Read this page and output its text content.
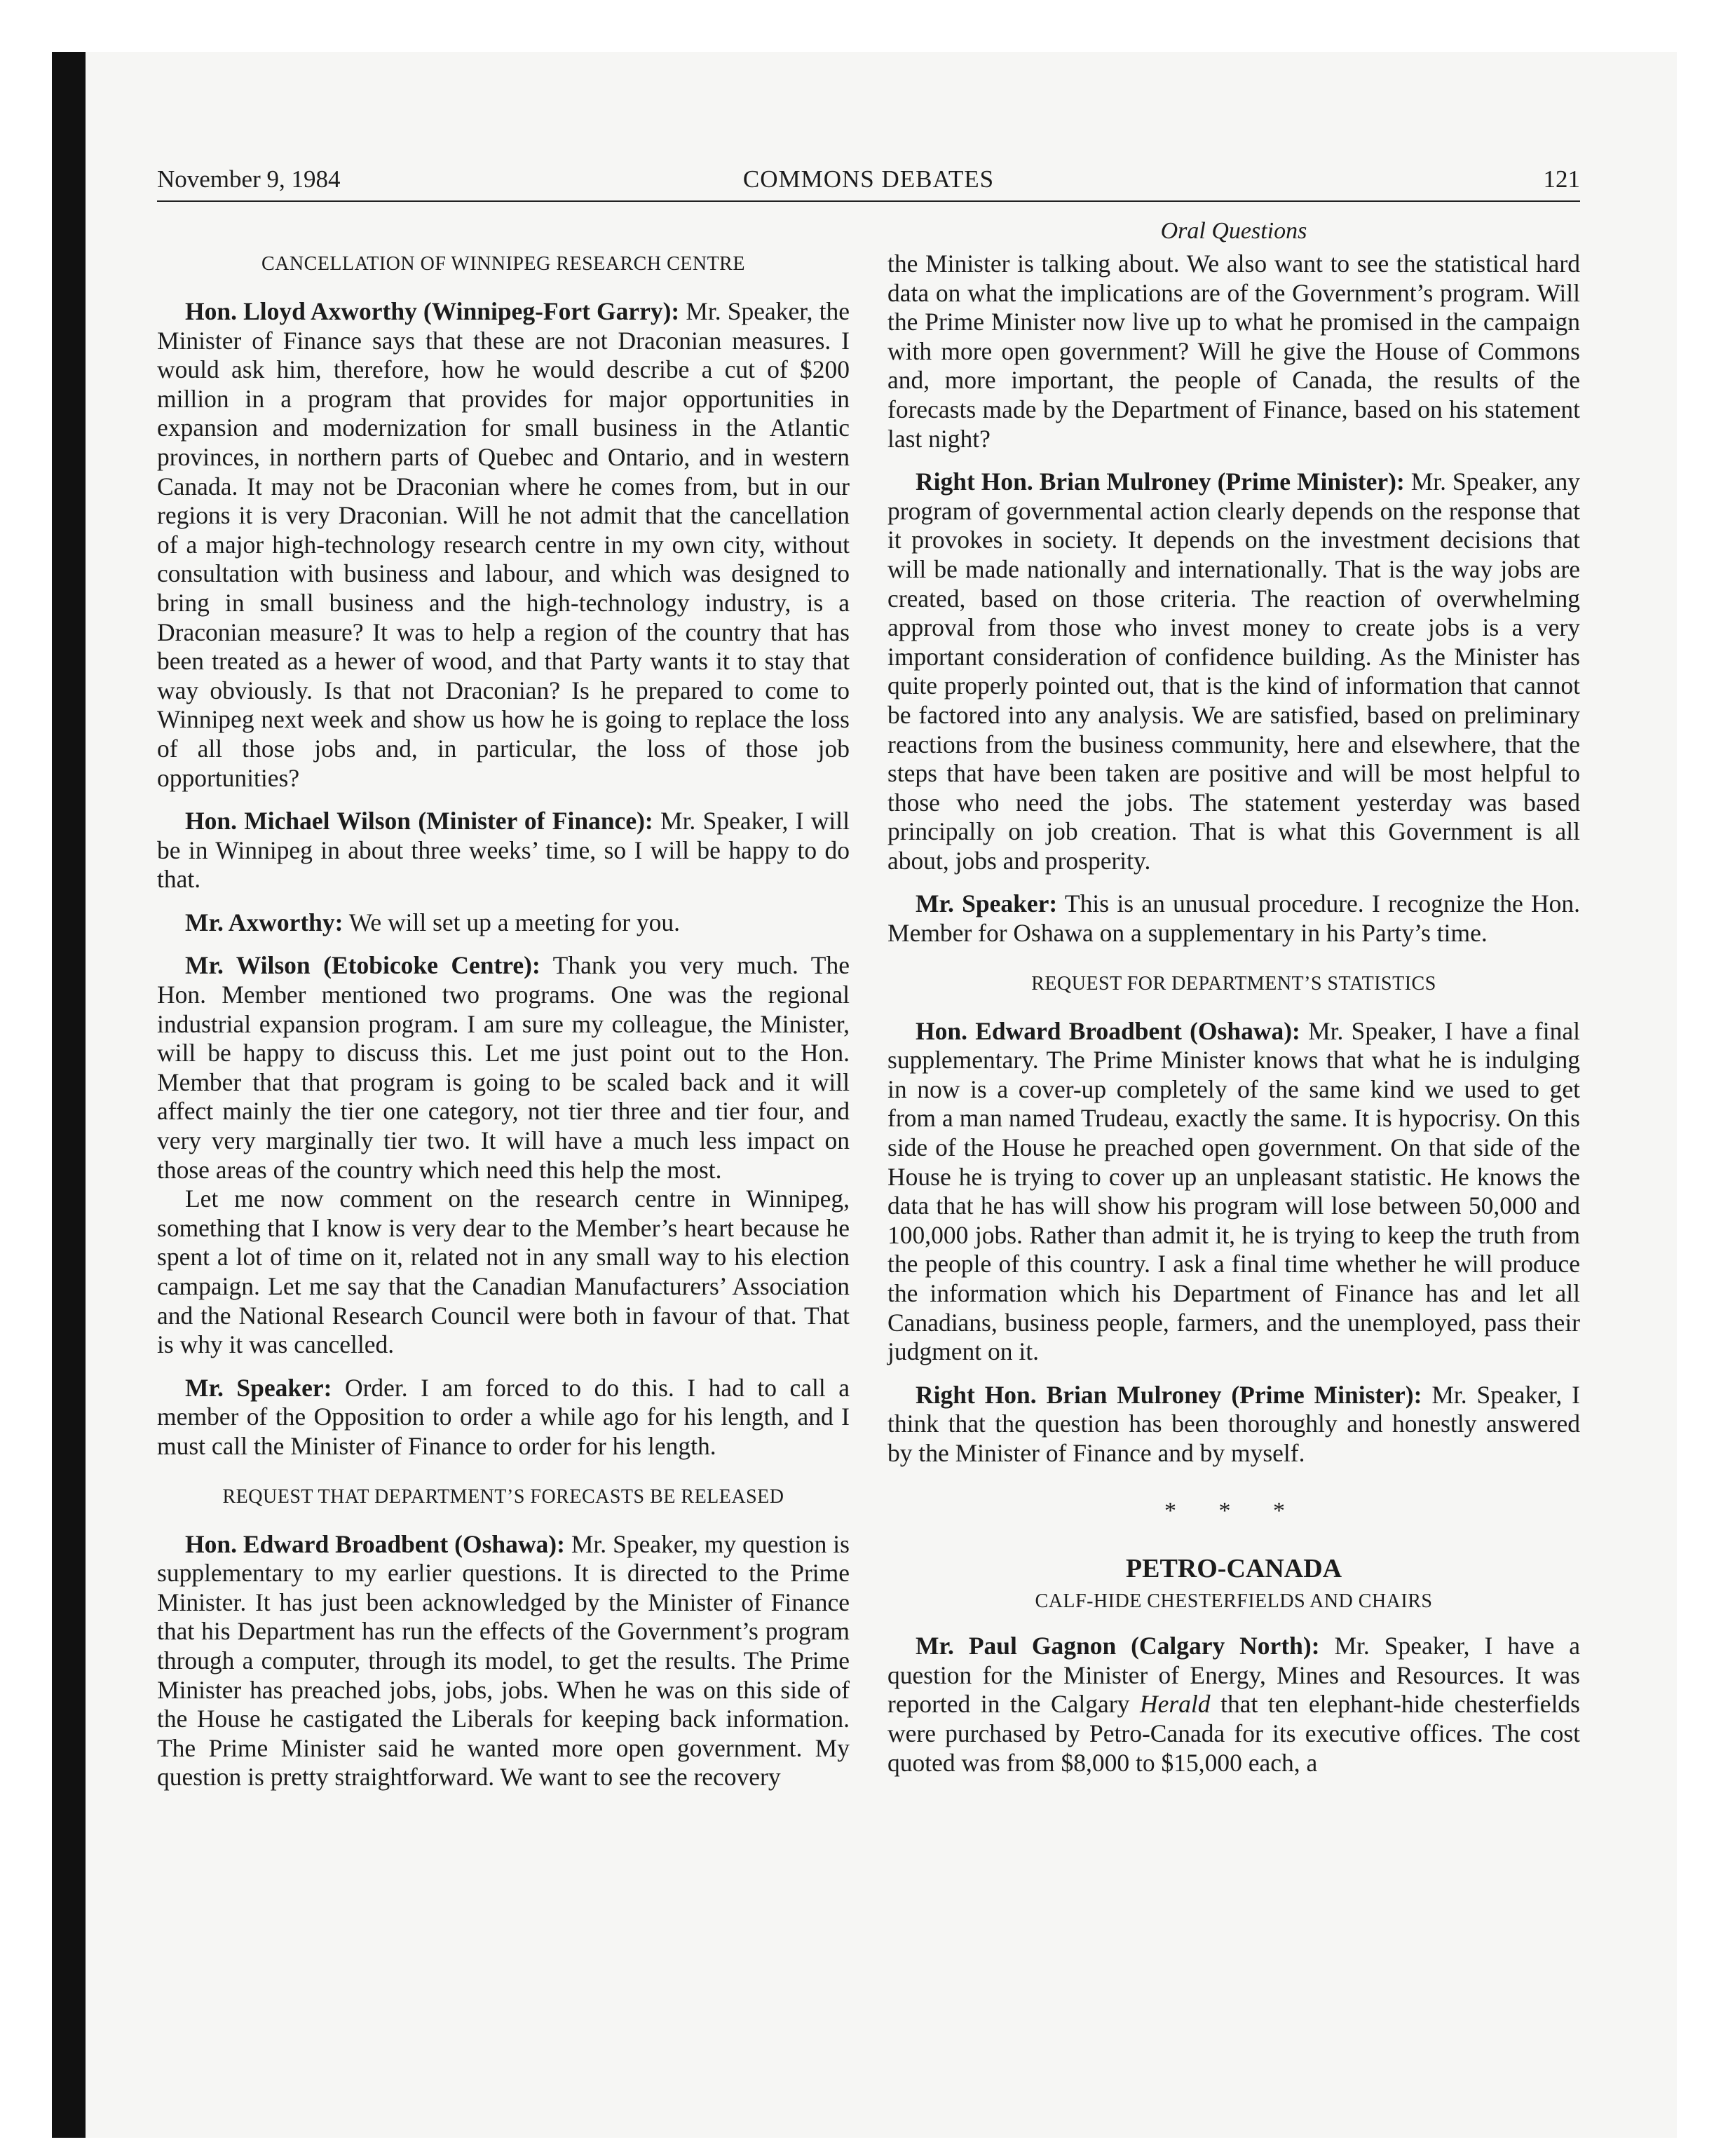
November 9, 1984	COMMONS DEBATES	121
CANCELLATION OF WINNIPEG RESEARCH CENTRE

Hon. Lloyd Axworthy (Winnipeg-Fort Garry): Mr. Speaker, the Minister of Finance says that these are not Draconian measures. I would ask him, therefore, how he would describe a cut of $200 million in a program that provides for major opportunities in expansion and modernization for small business in the Atlantic provinces, in northern parts of Quebec and Ontario, and in western Canada. It may not be Draconian where he comes from, but in our regions it is very Draconian. Will he not admit that the cancellation of a major high-technology research centre in my own city, without consultation with business and labour, and which was designed to bring in small business and the high-technology industry, is a Draconian measure? It was to help a region of the country that has been treated as a hewer of wood, and that Party wants it to stay that way obviously. Is that not Draconian? Is he prepared to come to Winnipeg next week and show us how he is going to replace the loss of all those jobs and, in particular, the loss of those job opportunities?

Hon. Michael Wilson (Minister of Finance): Mr. Speaker, I will be in Winnipeg in about three weeks’ time, so I will be happy to do that.

Mr. Axworthy: We will set up a meeting for you.

Mr. Wilson (Etobicoke Centre): Thank you very much. The Hon. Member mentioned two programs. One was the regional industrial expansion program. I am sure my colleague, the Minister, will be happy to discuss this. Let me just point out to the Hon. Member that that program is going to be scaled back and it will affect mainly the tier one category, not tier three and tier four, and very very marginally tier two. It will have a much less impact on those areas of the country which need this help the most.

Let me now comment on the research centre in Winnipeg, something that I know is very dear to the Member’s heart because he spent a lot of time on it, related not in any small way to his election campaign. Let me say that the Canadian Manufacturers’ Association and the National Research Council were both in favour of that. That is why it was cancelled.

Mr. Speaker: Order. I am forced to do this. I had to call a member of the Opposition to order a while ago for his length, and I must call the Minister of Finance to order for his length.

REQUEST THAT DEPARTMENT’S FORECASTS BE RELEASED

Hon. Edward Broadbent (Oshawa): Mr. Speaker, my question is supplementary to my earlier questions. It is directed to the Prime Minister. It has just been acknowledged by the Minister of Finance that his Department has run the effects of the Government’s program through a computer, through its model, to get the results. The Prime Minister has preached jobs, jobs, jobs. When he was on this side of the House he castigated the Liberals for keeping back information. The Prime Minister said he wanted more open government. My question is pretty straightforward. We want to see the recovery

Oral Questions

the Minister is talking about. We also want to see the statistical hard data on what the implications are of the Government’s program. Will the Prime Minister now live up to what he promised in the campaign with more open government? Will he give the House of Commons and, more important, the people of Canada, the results of the forecasts made by the Department of Finance, based on his statement last night?

Right Hon. Brian Mulroney (Prime Minister): Mr. Speaker, any program of governmental action clearly depends on the response that it provokes in society. It depends on the investment decisions that will be made nationally and internationally. That is the way jobs are created, based on those criteria. The reaction of overwhelming approval from those who invest money to create jobs is a very important consideration of confidence building. As the Minister has quite properly pointed out, that is the kind of information that cannot be factored into any analysis. We are satisfied, based on preliminary reactions from the business community, here and elsewhere, that the steps that have been taken are positive and will be most helpful to those who need the jobs. The statement yesterday was based principally on job creation. That is what this Government is all about, jobs and prosperity.

Mr. Speaker: This is an unusual procedure. I recognize the Hon. Member for Oshawa on a supplementary in his Party’s time.

REQUEST FOR DEPARTMENT’S STATISTICS

Hon. Edward Broadbent (Oshawa): Mr. Speaker, I have a final supplementary. The Prime Minister knows that what he is indulging in now is a cover-up completely of the same kind we used to get from a man named Trudeau, exactly the same. It is hypocrisy. On this side of the House he preached open government. On that side of the House he is trying to cover up an unpleasant statistic. He knows the data that he has will show his program will lose between 50,000 and 100,000 jobs. Rather than admit it, he is trying to keep the truth from the people of this country. I ask a final time whether he will produce the information which his Department of Finance has and let all Canadians, business people, farmers, and the unemployed, pass their judgment on it.

Right Hon. Brian Mulroney (Prime Minister): Mr. Speaker, I think that the question has been thoroughly and honestly answered by the Minister of Finance and by myself.

* * *
PETRO-CANADA
CALF-HIDE CHESTERFIELDS AND CHAIRS

Mr. Paul Gagnon (Calgary North): Mr. Speaker, I have a question for the Minister of Energy, Mines and Resources. It was reported in the Calgary Herald that ten elephant-hide chesterfields were purchased by Petro-Canada for its executive offices. The cost quoted was from $8,000 to $15,000 each, a
